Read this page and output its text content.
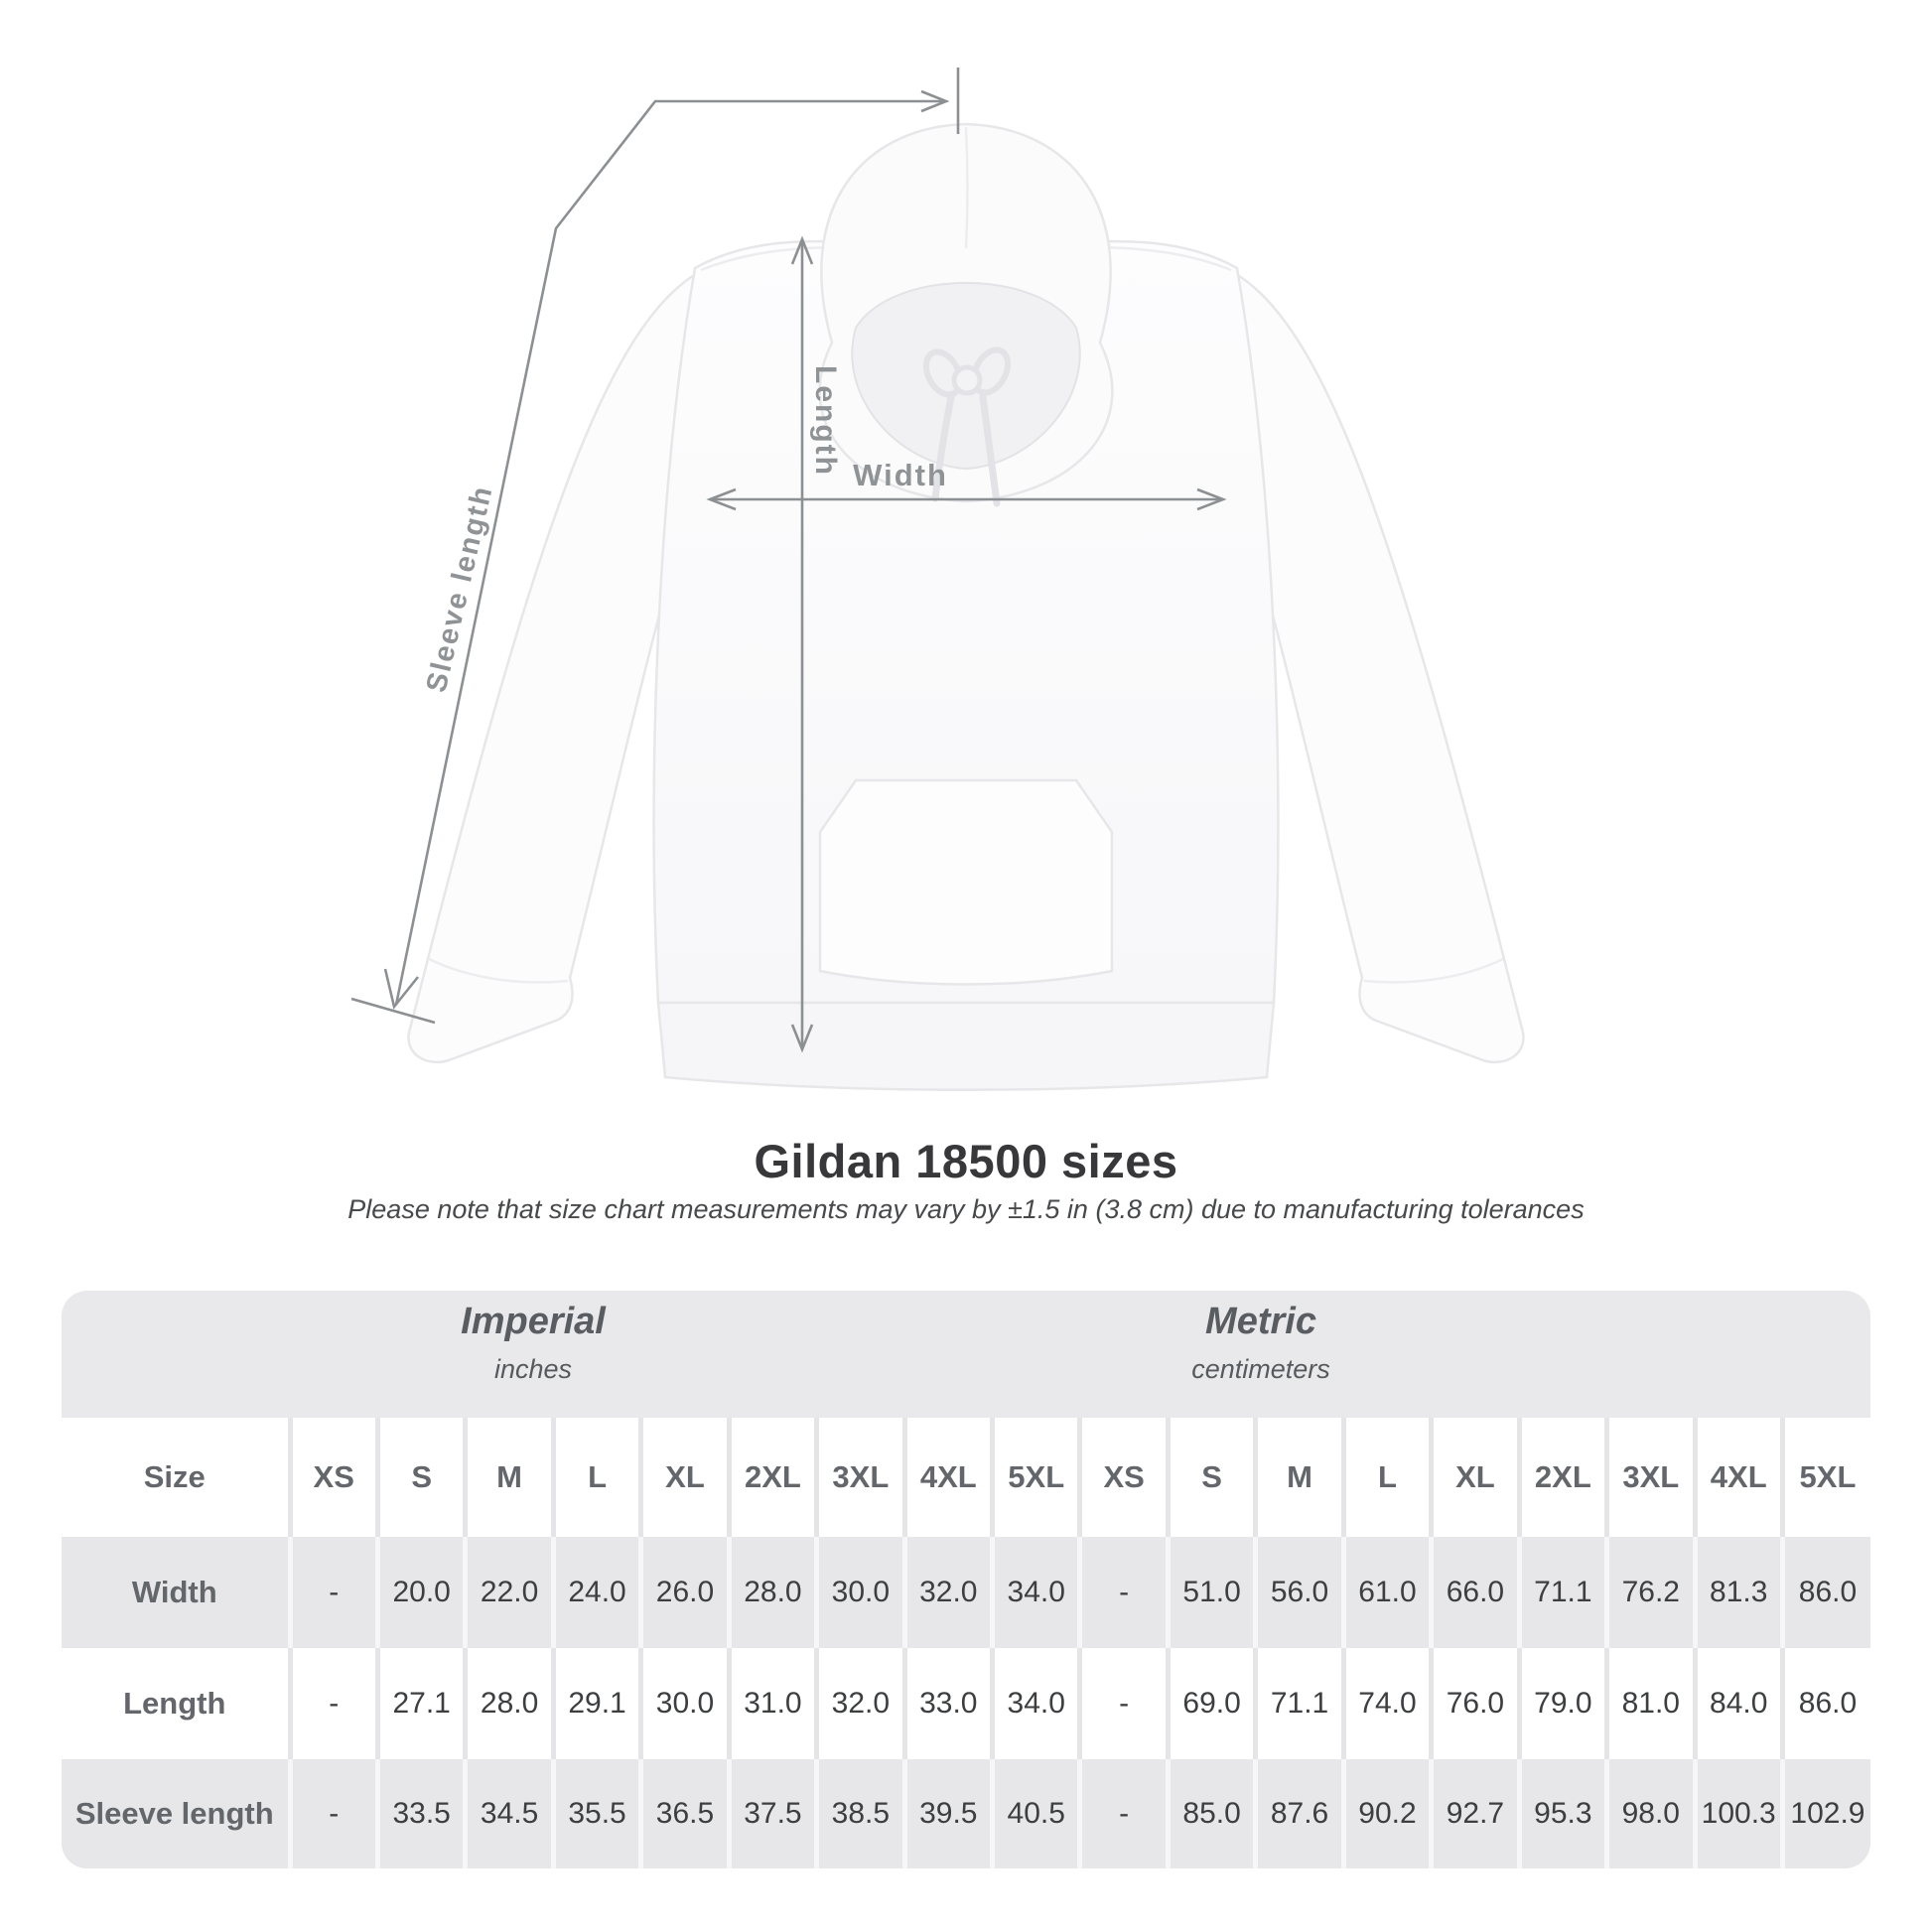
Sleeve length
Length Width
Gildan 18500 sizes
Please note that size chart measurements may vary by ±1.5 in (3.8 cm) due to manufacturing tolerances
Imperial
inches
Metric
centimeters
Size	XS	S	M	L	XL	2XL	3XL	4XL	5XL	XS	S	M	L	XL	2XL	3XL	4XL	5XL
Width	-	20.0	22.0	24.0	26.0	28.0	30.0	32.0	34.0	-	51.0	56.0	61.0	66.0	71.1	76.2	81.3	86.0
Length	-	27.1	28.0	29.1	30.0	31.0	32.0	33.0	34.0	-	69.0	71.1	74.0	76.0	79.0	81.0	84.0	86.0
Sleeve length	-	33.5	34.5	35.5	36.5	37.5	38.5	39.5	40.5	-	85.0	87.6	90.2	92.7	95.3	98.0	100.3	102.9
